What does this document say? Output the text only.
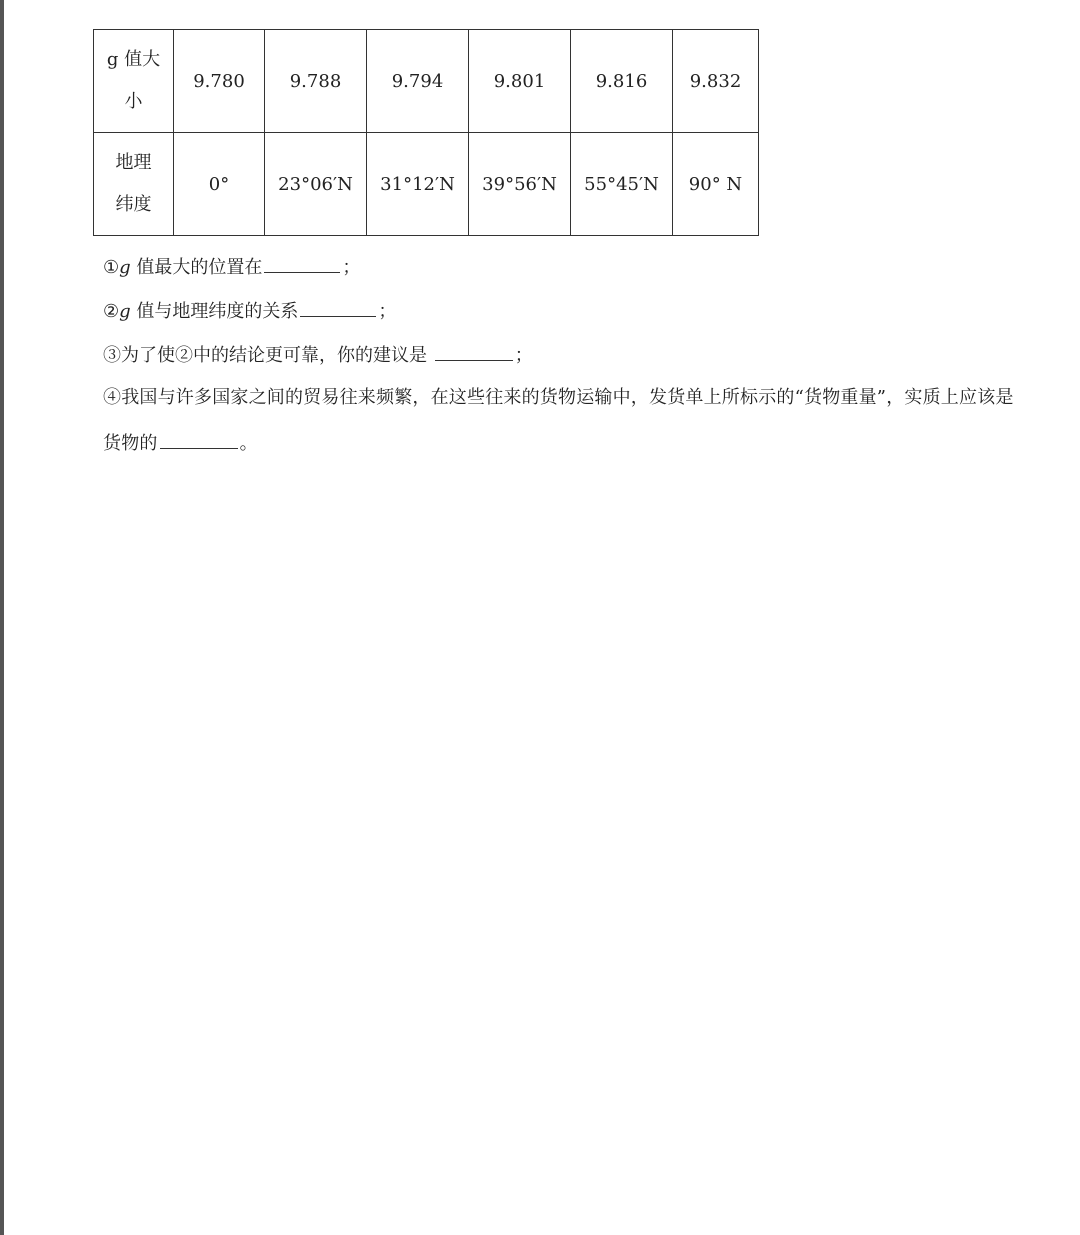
g 值大
小	9.780	9.788	9.794	9.801	9.816	9.832

地理
纬度	0°	23°06′N	31°12′N	39°56′N	55°45′N	90° N
①g 值最大的位置在	；
②g 值与地理纬度的关系	；
③为了使②中的结论更可靠，你的建议是	；
④我国与许多国家之间的贸易往来频繁，在这些往来的货物运输中，发货单上所标示的“货物重量”，实质上应该是货物的	。
